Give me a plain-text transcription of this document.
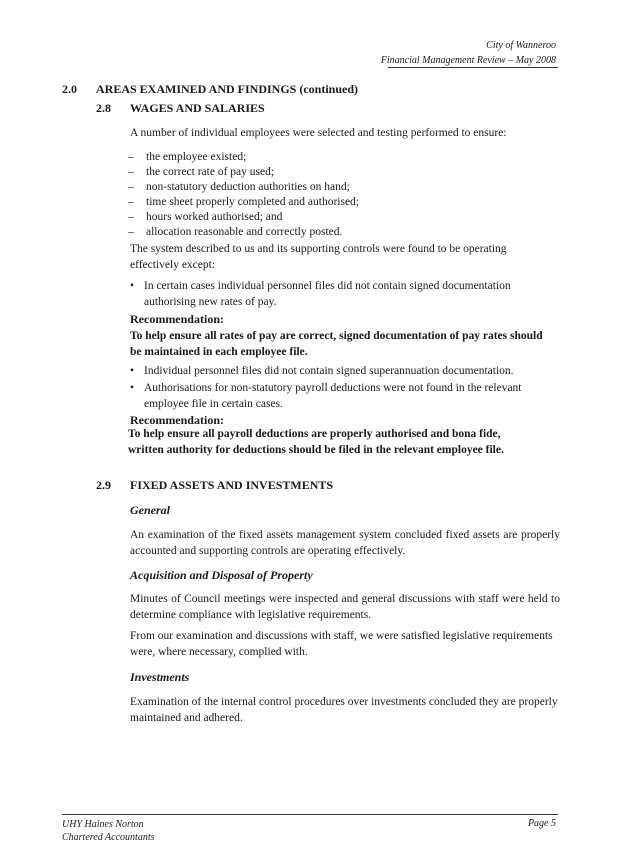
City of Wanneroo
Financial Management Review – May 2008
2.0 AREAS EXAMINED AND FINDINGS (continued)
2.8 WAGES AND SALARIES
A number of individual employees were selected and testing performed to ensure:
– the employee existed;
– the correct rate of pay used;
– non-statutory deduction authorities on hand;
– time sheet properly completed and authorised;
– hours worked authorised; and
– allocation reasonable and correctly posted.
The system described to us and its supporting controls were found to be operating effectively except:
• In certain cases individual personnel files did not contain signed documentation authorising new rates of pay.
Recommendation:
To help ensure all rates of pay are correct, signed documentation of pay rates should be maintained in each employee file.
• Individual personnel files did not contain signed superannuation documentation.
• Authorisations for non-statutory payroll deductions were not found in the relevant employee file in certain cases.
Recommendation:
To help ensure all payroll deductions are properly authorised and bona fide, written authority for deductions should be filed in the relevant employee file.
2.9 FIXED ASSETS AND INVESTMENTS
General
An examination of the fixed assets management system concluded fixed assets are properly accounted and supporting controls are operating effectively.
Acquisition and Disposal of Property
Minutes of Council meetings were inspected and general discussions with staff were held to determine compliance with legislative requirements.
From our examination and discussions with staff, we were satisfied legislative requirements were, where necessary, complied with.
Investments
Examination of the internal control procedures over investments concluded they are properly maintained and adhered.
UHY Haines Norton
Chartered Accountants
Page 5
